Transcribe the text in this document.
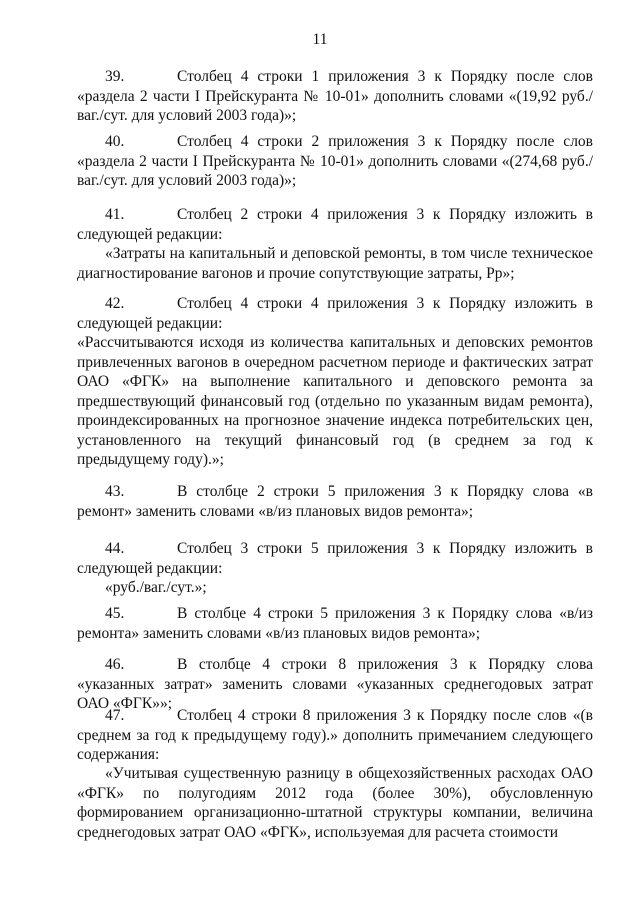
11

39.	Столбец 4 строки 1 приложения 3 к Порядку после слов «раздела 2 части I Прейскуранта № 10-01» дополнить словами «(19,92 руб./ваг./сут. для условий 2003 года)»;

40.	Столбец 4 строки 2 приложения 3 к Порядку после слов «раздела 2 части I Прейскуранта № 10-01» дополнить словами «(274,68 руб./ваг./сут. для условий 2003 года)»;

41.	Столбец 2 строки 4 приложения 3 к Порядку изложить в следующей редакции:

«Затраты на капитальный и деповской ремонты, в том числе техническое диагностирование вагонов и прочие сопутствующие затраты, Pp»;

42.	Столбец 4 строки 4 приложения 3 к Порядку изложить в следующей редакции:

«Рассчитываются исходя из количества капитальных и деповских ремонтов привлеченных вагонов в очередном расчетном периоде и фактических затрат ОАО «ФГК» на выполнение капитального и деповского ремонта за предшествующий финансовый год (отдельно по указанным видам ремонта), проиндексированных на прогнозное значение индекса потребительских цен, установленного на текущий финансовый год (в среднем за год к предыдущему году).»;

43.	В столбце 2 строки 5 приложения 3 к Порядку слова «в ремонт» заменить словами «в/из плановых видов ремонта»;

44.	Столбец 3 строки 5 приложения 3 к Порядку изложить в следующей редакции:

«руб./ваг./сут.»;

45.	В столбце 4 строки 5 приложения 3 к Порядку слова «в/из ремонта» заменить словами «в/из плановых видов ремонта»;

46.	В столбце 4 строки 8 приложения 3 к Порядку слова «указанных затрат» заменить словами «указанных среднегодовых затрат ОАО «ФГК»»;

47.	Столбец 4 строки 8 приложения 3 к Порядку после слов «(в среднем за год к предыдущему году).» дополнить примечанием следующего содержания:

«Учитывая существенную разницу в общехозяйственных расходах ОАО «ФГК» по полугодиям 2012 года (более 30%), обусловленную формированием организационно-штатной структуры компании, величина среднегодовых затрат ОАО «ФГК», используемая для расчета стоимости
